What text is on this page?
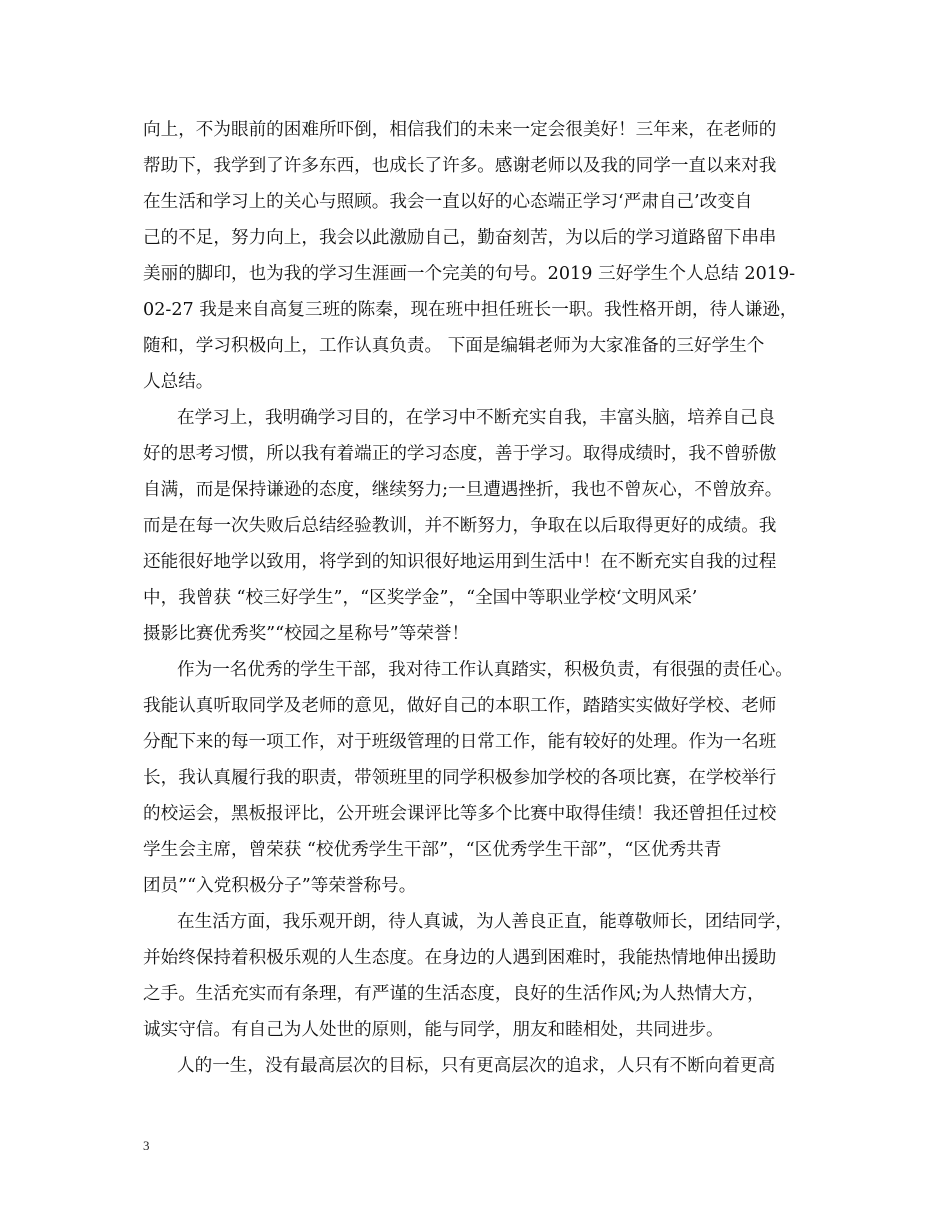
向上，不为眼前的困难所吓倒，相信我们的未来一定会很美好！三年来，在老师的
帮助下，我学到了许多东西，也成长了许多。感谢老师以及我的同学一直以来对我
在生活和学习上的关心与照顾。我会一直以好的心态端正学习‘严肃自己’改变自
己的不足，努力向上，我会以此激励自己，勤奋刻苦，为以后的学习道路留下串串
美丽的脚印，也为我的学习生涯画一个完美的句号。2019 三好学生个人总结 2019-
02-27 我是来自高复三班的陈秦，现在班中担任班长一职。我性格开朗，待人谦逊，
随和，学习积极向上，工作认真负责。 下面是编辑老师为大家准备的三好学生个
人总结。
在学习上，我明确学习目的，在学习中不断充实自我，丰富头脑，培养自己良
好的思考习惯，所以我有着端正的学习态度，善于学习。取得成绩时，我不曾骄傲
自满，而是保持谦逊的态度，继续努力;一旦遭遇挫折，我也不曾灰心，不曾放弃。
而是在每一次失败后总结经验教训，并不断努力，争取在以后取得更好的成绩。我
还能很好地学以致用，将学到的知识很好地运用到生活中！在不断充实自我的过程
中，我曾获 “校三好学生”，“区奖学金”，“全国中等职业学校‘文明风采’
摄影比赛优秀奖”“校园之星称号”等荣誉！
作为一名优秀的学生干部，我对待工作认真踏实，积极负责，有很强的责任心。
我能认真听取同学及老师的意见，做好自己的本职工作，踏踏实实做好学校、老师
分配下来的每一项工作，对于班级管理的日常工作，能有较好的处理。作为一名班
长，我认真履行我的职责，带领班里的同学积极参加学校的各项比赛，在学校举行
的校运会，黑板报评比，公开班会课评比等多个比赛中取得佳绩！我还曾担任过校
学生会主席，曾荣获 “校优秀学生干部”，“区优秀学生干部”，“区优秀共青
团员”“入党积极分子”等荣誉称号。
在生活方面，我乐观开朗，待人真诚，为人善良正直，能尊敬师长，团结同学，
并始终保持着积极乐观的人生态度。在身边的人遇到困难时，我能热情地伸出援助
之手。生活充实而有条理，有严谨的生活态度，良好的生活作风;为人热情大方，
诚实守信。有自己为人处世的原则，能与同学，朋友和睦相处，共同进步。
人的一生，没有最高层次的目标，只有更高层次的追求，人只有不断向着更高
3
